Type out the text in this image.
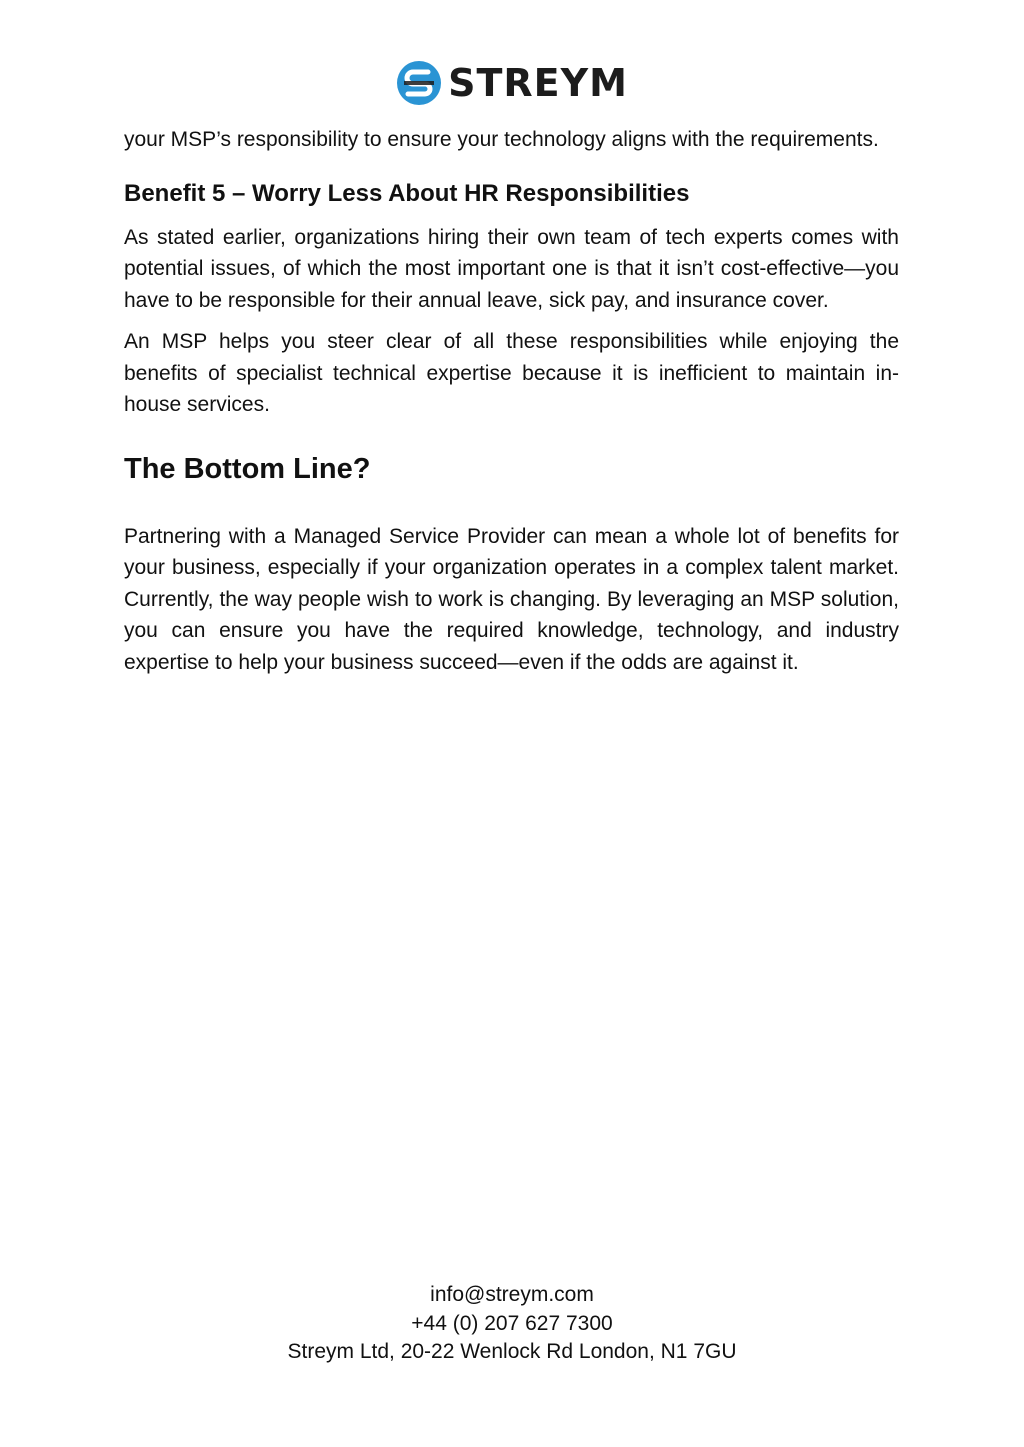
STREYM

your MSP’s responsibility to ensure your technology aligns with the requirements.

Benefit 5 – Worry Less About HR Responsibilities

As stated earlier, organizations hiring their own team of tech experts comes with potential issues, of which the most important one is that it isn’t cost-effective—you have to be responsible for their annual leave, sick pay, and insurance cover.

An MSP helps you steer clear of all these responsibilities while enjoying the benefits of specialist technical expertise because it is inefficient to maintain in-house services.

The Bottom Line?

Partnering with a Managed Service Provider can mean a whole lot of benefits for your business, especially if your organization operates in a complex talent market. Currently, the way people wish to work is changing. By leveraging an MSP solution, you can ensure you have the required knowledge, technology, and industry expertise to help your business succeed—even if the odds are against it.

info@streym.com
+44 (0) 207 627 7300
Streym Ltd, 20-22 Wenlock Rd London, N1 7GU
